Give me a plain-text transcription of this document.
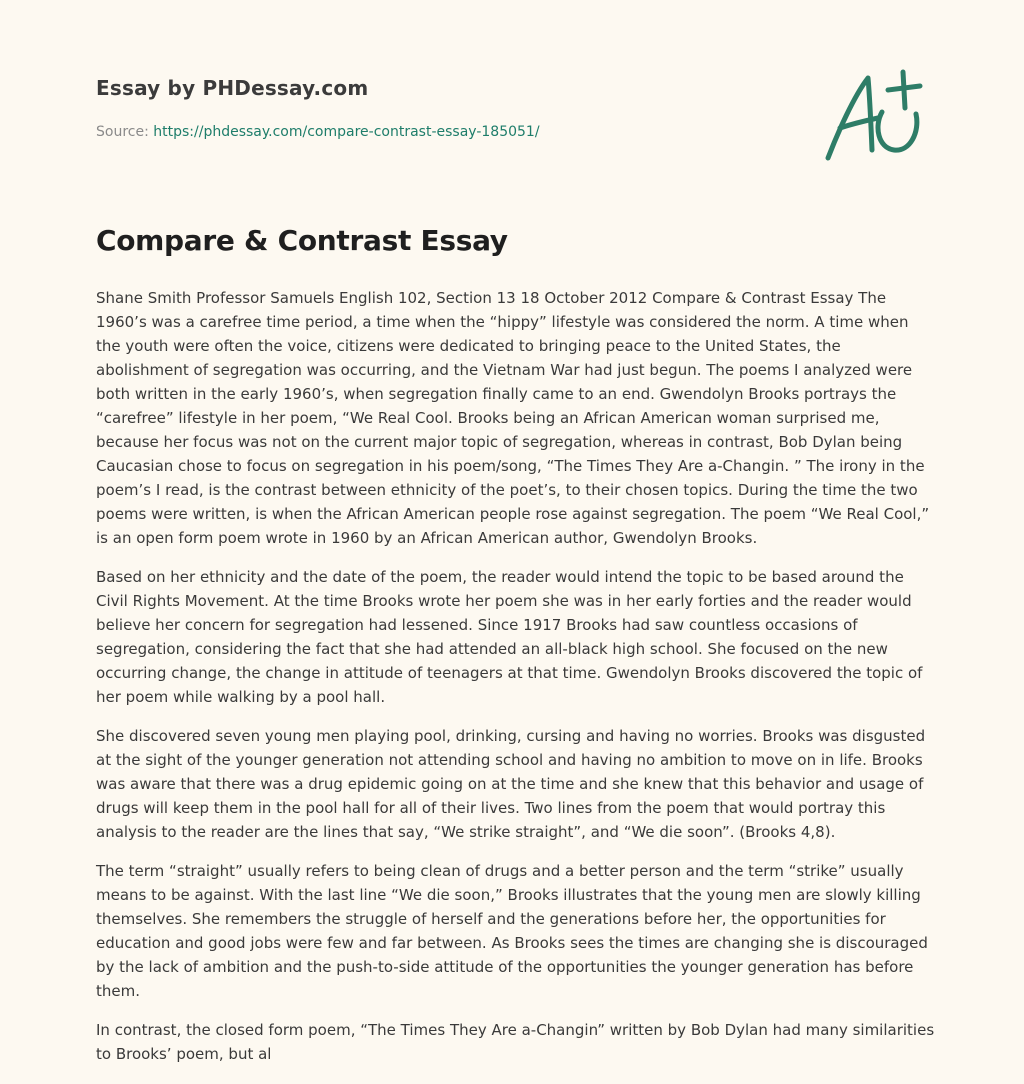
Essay by PHDessay.com

Source: https://phdessay.com/compare-contrast-essay-185051/

Compare & Contrast Essay

Shane Smith Professor Samuels English 102, Section 13 18 October 2012 Compare & Contrast Essay The 1960’s was a carefree time period, a time when the “hippy” lifestyle was considered the norm. A time when the youth were often the voice, citizens were dedicated to bringing peace to the United States, the abolishment of segregation was occurring, and the Vietnam War had just begun. The poems I analyzed were both written in the early 1960’s, when segregation finally came to an end. Gwendolyn Brooks portrays the “carefree” lifestyle in her poem, “We Real Cool. Brooks being an African American woman surprised me, because her focus was not on the current major topic of segregation, whereas in contrast, Bob Dylan being Caucasian chose to focus on segregation in his poem/song, “The Times They Are a-Changin. ” The irony in the poem’s I read, is the contrast between ethnicity of the poet’s, to their chosen topics. During the time the two poems were written, is when the African American people rose against segregation. The poem “We Real Cool,” is an open form poem wrote in 1960 by an African American author, Gwendolyn Brooks.

Based on her ethnicity and the date of the poem, the reader would intend the topic to be based around the Civil Rights Movement. At the time Brooks wrote her poem she was in her early forties and the reader would believe her concern for segregation had lessened. Since 1917 Brooks had saw countless occasions of segregation, considering the fact that she had attended an all-black high school. She focused on the new occurring change, the change in attitude of teenagers at that time. Gwendolyn Brooks discovered the topic of her poem while walking by a pool hall.

She discovered seven young men playing pool, drinking, cursing and having no worries. Brooks was disgusted at the sight of the younger generation not attending school and having no ambition to move on in life. Brooks was aware that there was a drug epidemic going on at the time and she knew that this behavior and usage of drugs will keep them in the pool hall for all of their lives. Two lines from the poem that would portray this analysis to the reader are the lines that say, “We strike straight”, and “We die soon”. (Brooks 4,8).

The term “straight” usually refers to being clean of drugs and a better person and the term “strike” usually means to be against. With the last line “We die soon,” Brooks illustrates that the young men are slowly killing themselves. She remembers the struggle of herself and the generations before her, the opportunities for education and good jobs were few and far between. As Brooks sees the times are changing she is discouraged by the lack of ambition and the push-to-side attitude of the opportunities the younger generation has before them.

In contrast, the closed form poem, “The Times They Are a-Changin” written by Bob Dylan had many similarities to Brooks’ poem, but al
